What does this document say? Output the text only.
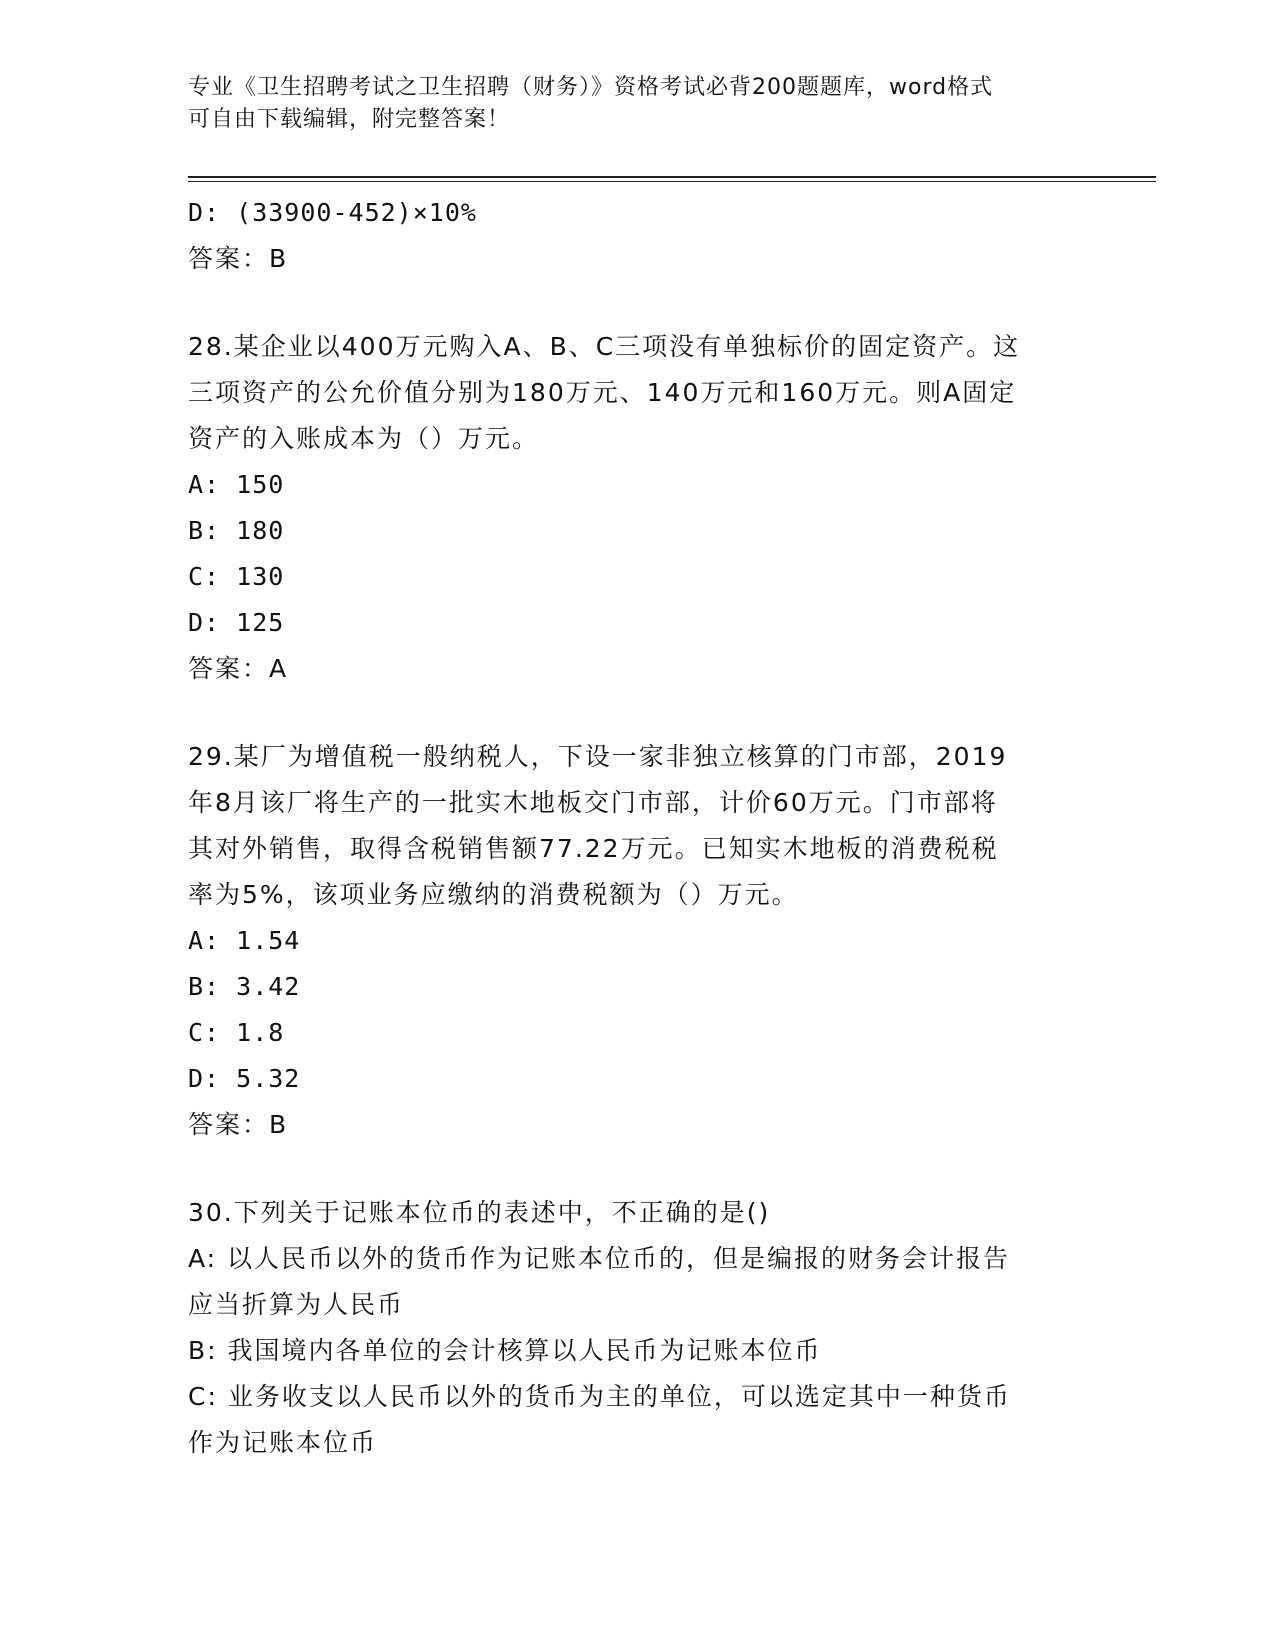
专业《卫生招聘考试之卫生招聘（财务）》资格考试必背200题题库，word格式
可自由下载编辑，附完整答案！
D: (33900-452)×10%
答案：B
28.某企业以400万元购入A、B、C三项没有单独标价的固定资产。这
三项资产的公允价值分别为180万元、140万元和160万元。则A固定
资产的入账成本为（）万元。
A: 150
B: 180
C: 130
D: 125
答案：A
29.某厂为增值税一般纳税人，下设一家非独立核算的门市部，2019
年8月该厂将生产的一批实木地板交门市部，计价60万元。门市部将
其对外销售，取得含税销售额77.22万元。已知实木地板的消费税税
率为5%，该项业务应缴纳的消费税额为（）万元。
A: 1.54
B: 3.42
C: 1.8
D: 5.32
答案：B
30.下列关于记账本位币的表述中，不正确的是()
A: 以人民币以外的货币作为记账本位币的，但是编报的财务会计报告
应当折算为人民币
B: 我国境内各单位的会计核算以人民币为记账本位币
C: 业务收支以人民币以外的货币为主的单位，可以选定其中一种货币
作为记账本位币
